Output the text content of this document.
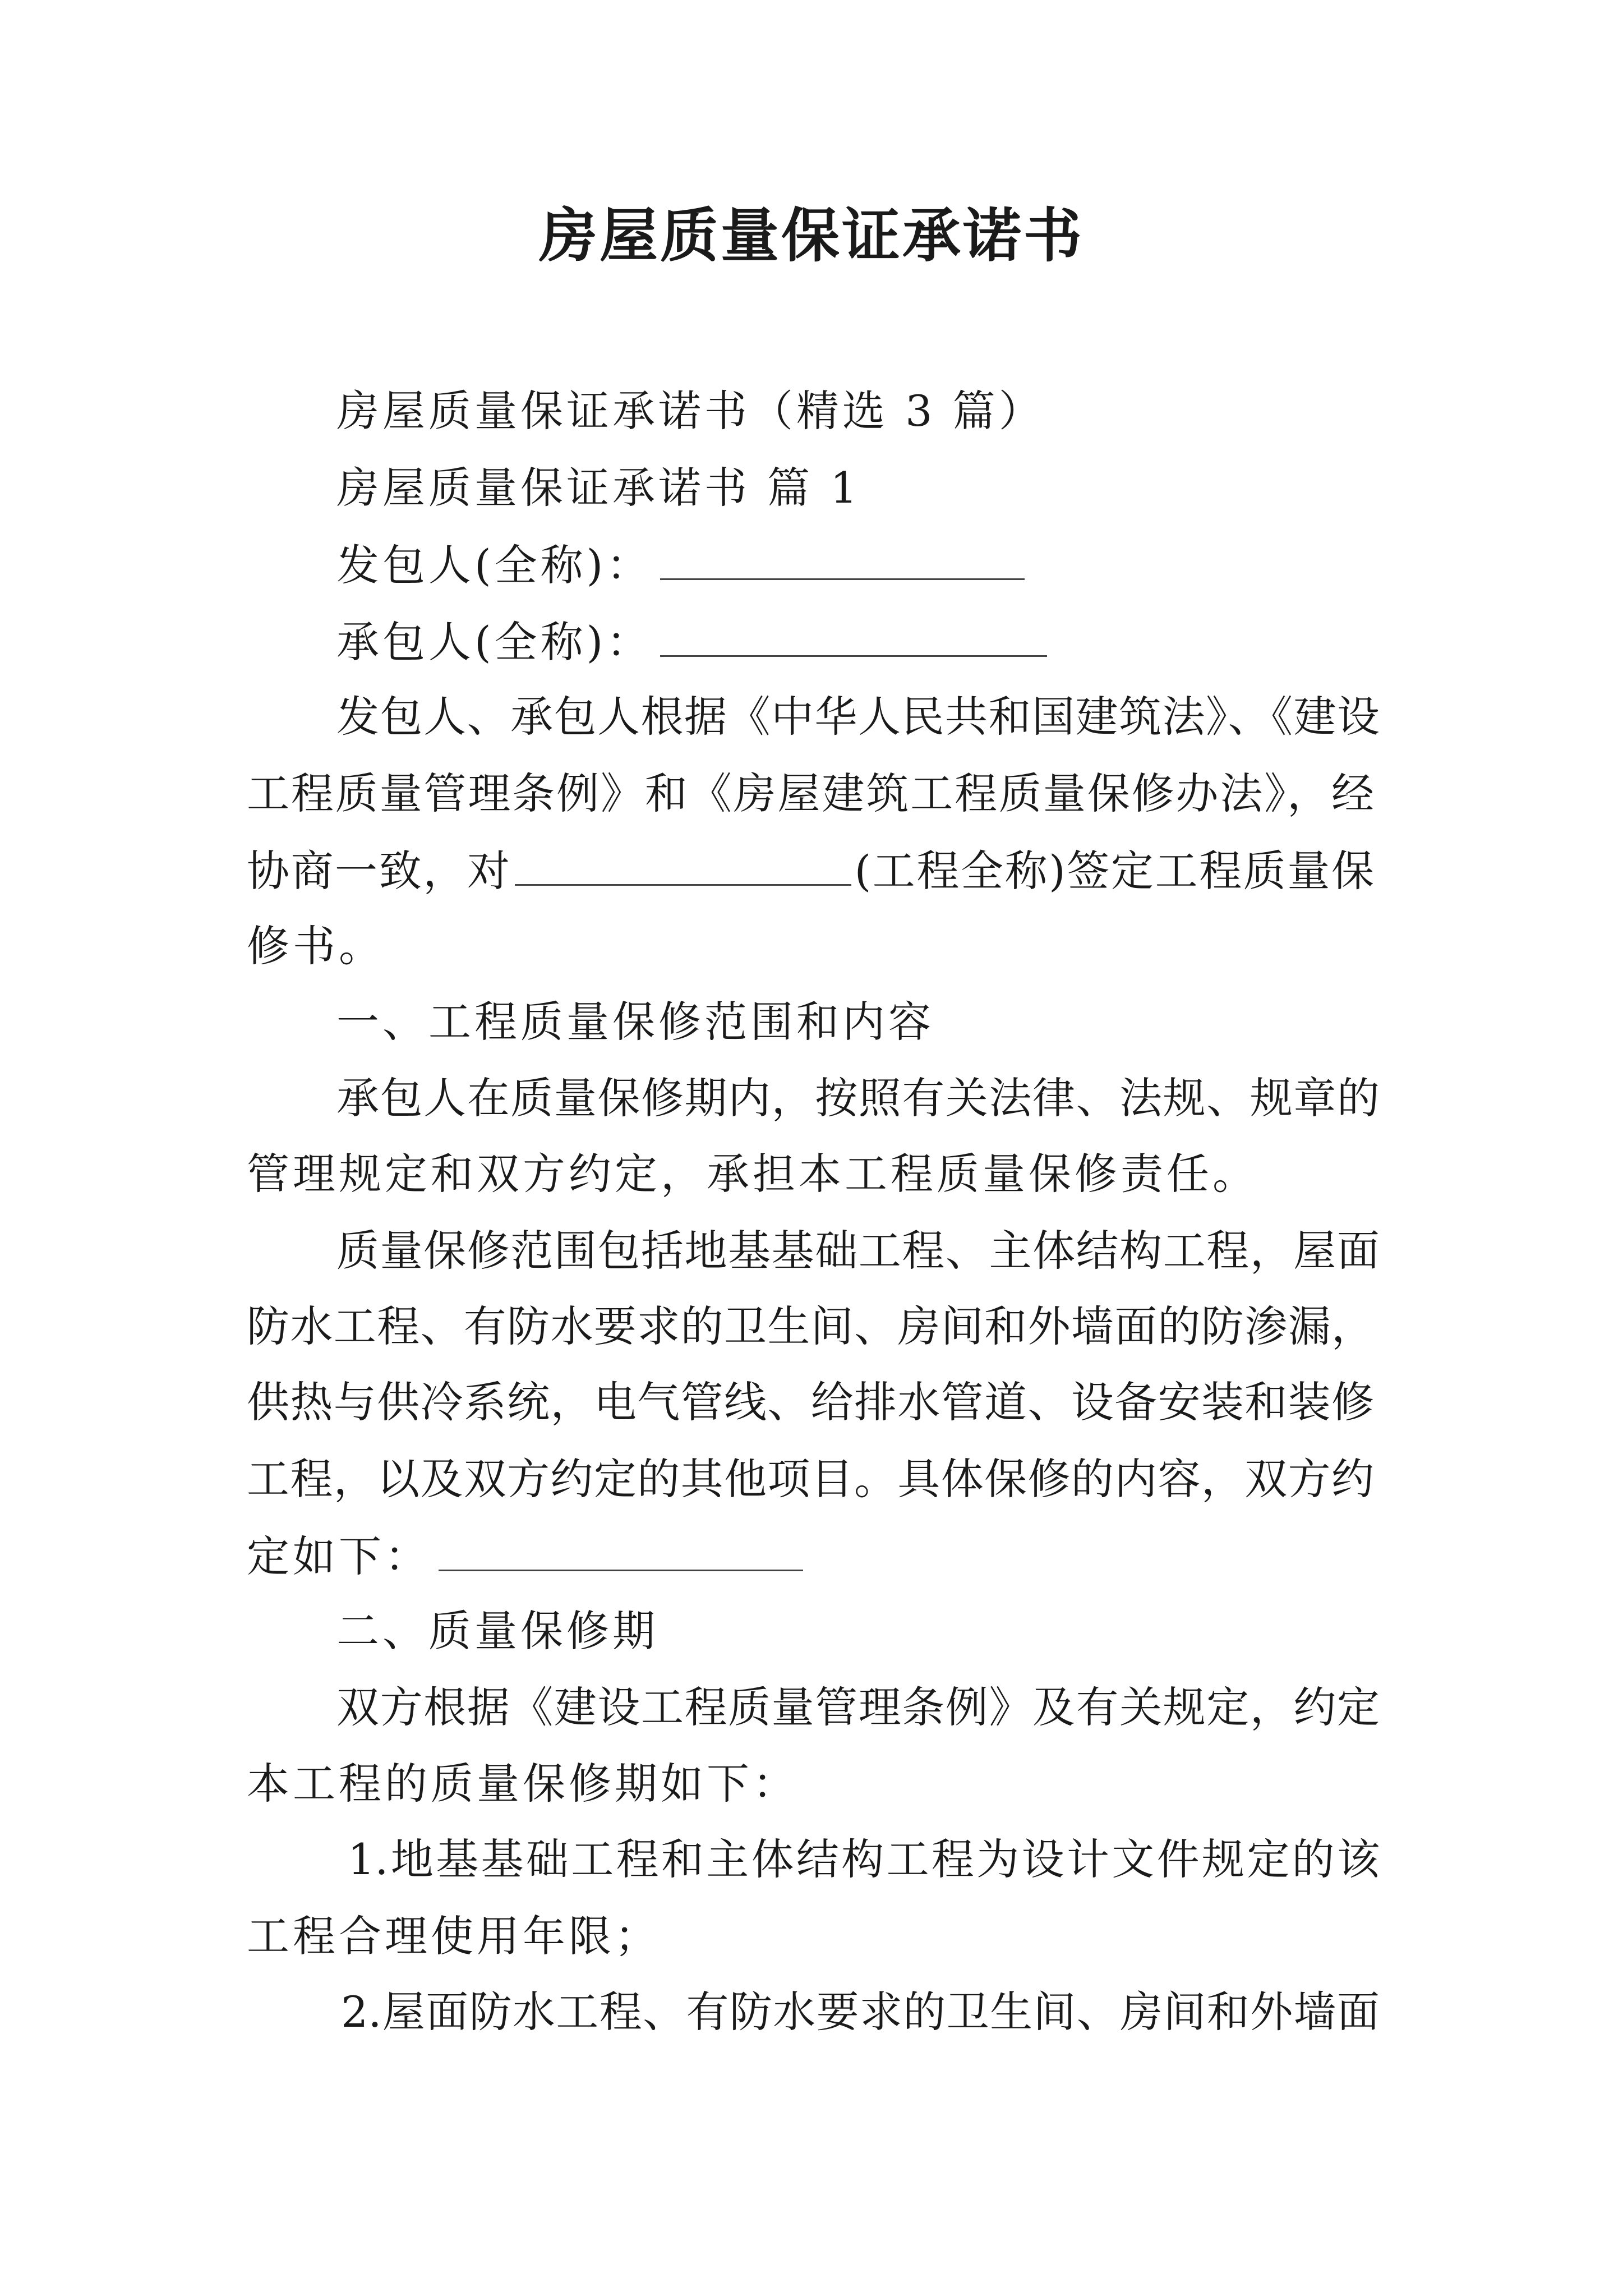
房屋质量保证承诺书
房屋质量保证承诺书（精选 3 篇）
房屋质量保证承诺书 篇 1
发包人(全称)：
承包人(全称)：
发包人、承包人根据《中华人民共和国建筑法》、《建设
工程质量管理条例》和《房屋建筑工程质量保修办法》，经
协商一致，对	(工程全称)签定工程质量保
修书。
一、工程质量保修范围和内容
承包人在质量保修期内，按照有关法律、法规、规章的
管理规定和双方约定，承担本工程质量保修责任。
质量保修范围包括地基基础工程、主体结构工程，屋面
防水工程、有防水要求的卫生间、房间和外墙面的防渗漏，
供热与供冷系统，电气管线、给排水管道、设备安装和装修
工程，以及双方约定的其他项目。具体保修的内容，双方约
定如下：
二、质量保修期
双方根据《建设工程质量管理条例》及有关规定，约定
本工程的质量保修期如下：
1.地基基础工程和主体结构工程为设计文件规定的该
工程合理使用年限；
2.屋面防水工程、有防水要求的卫生间、房间和外墙面
